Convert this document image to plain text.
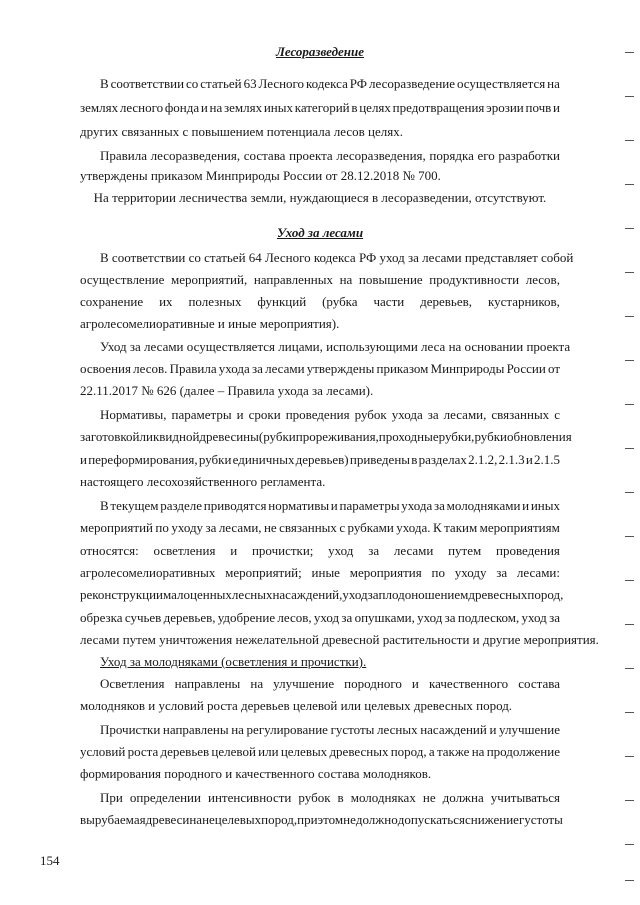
Лесоразведение
В соответствии со статьей 63 Лесного кодекса РФ лесоразведение осуществляется на
землях лесного фонда и на землях иных категорий в целях предотвращения эрозии почв и
других связанных с повышением потенциала лесов целях.
Правила лесоразведения, состава проекта лесоразведения, порядка его разработки
утверждены приказом Минприроды России от 28.12.2018 № 700.
На территории лесничества земли, нуждающиеся в лесоразведении, отсутствуют.
Уход за лесами
В соответствии со статьей 64 Лесного кодекса РФ уход за лесами представляет собой
осуществление мероприятий, направленных на повышение продуктивности лесов,
сохранение их полезных функций (рубка части деревьев, кустарников,
агролесомелиоративные и иные мероприятия).
Уход за лесами осуществляется лицами, использующими леса на основании проекта
освоения лесов. Правила ухода за лесами утверждены приказом Минприроды России от
22.11.2017 № 626 (далее – Правила ухода за лесами).
Нормативы, параметры и сроки проведения рубок ухода за лесами, связанных с
заготовкой ликвидной древесины (рубки прореживания, проходные рубки, рубки обновления
и переформирования, рубки единичных деревьев) приведены в разделах 2.1.2, 2.1.3 и 2.1.5
настоящего лесохозяйственного регламента.
В текущем разделе приводятся нормативы и параметры ухода за молодняками и иных
мероприятий по уходу за лесами, не связанных с рубками ухода. К таким мероприятиям
относятся: осветления и прочистки; уход за лесами путем проведения
агролесомелиоративных мероприятий; иные мероприятия по уходу за лесами:
реконструкции малоценных лесных насаждений, уход за плодоношением древесных пород,
обрезка сучьев деревьев, удобрение лесов, уход за опушками, уход за подлеском, уход за
лесами путем уничтожения нежелательной древесной растительности и другие мероприятия.
Уход за молодняками (осветления и прочистки).
Осветления направлены на улучшение породного и качественного состава
молодняков и условий роста деревьев целевой или целевых древесных пород.
Прочистки направлены на регулирование густоты лесных насаждений и улучшение
условий роста деревьев целевой или целевых древесных пород, а также на продолжение
формирования породного и качественного состава молодняков.
При определении интенсивности рубок в молодняках не должна учитываться
вырубаемая древесина нецелевых пород, при этом не должно допускаться снижение густоты
154
